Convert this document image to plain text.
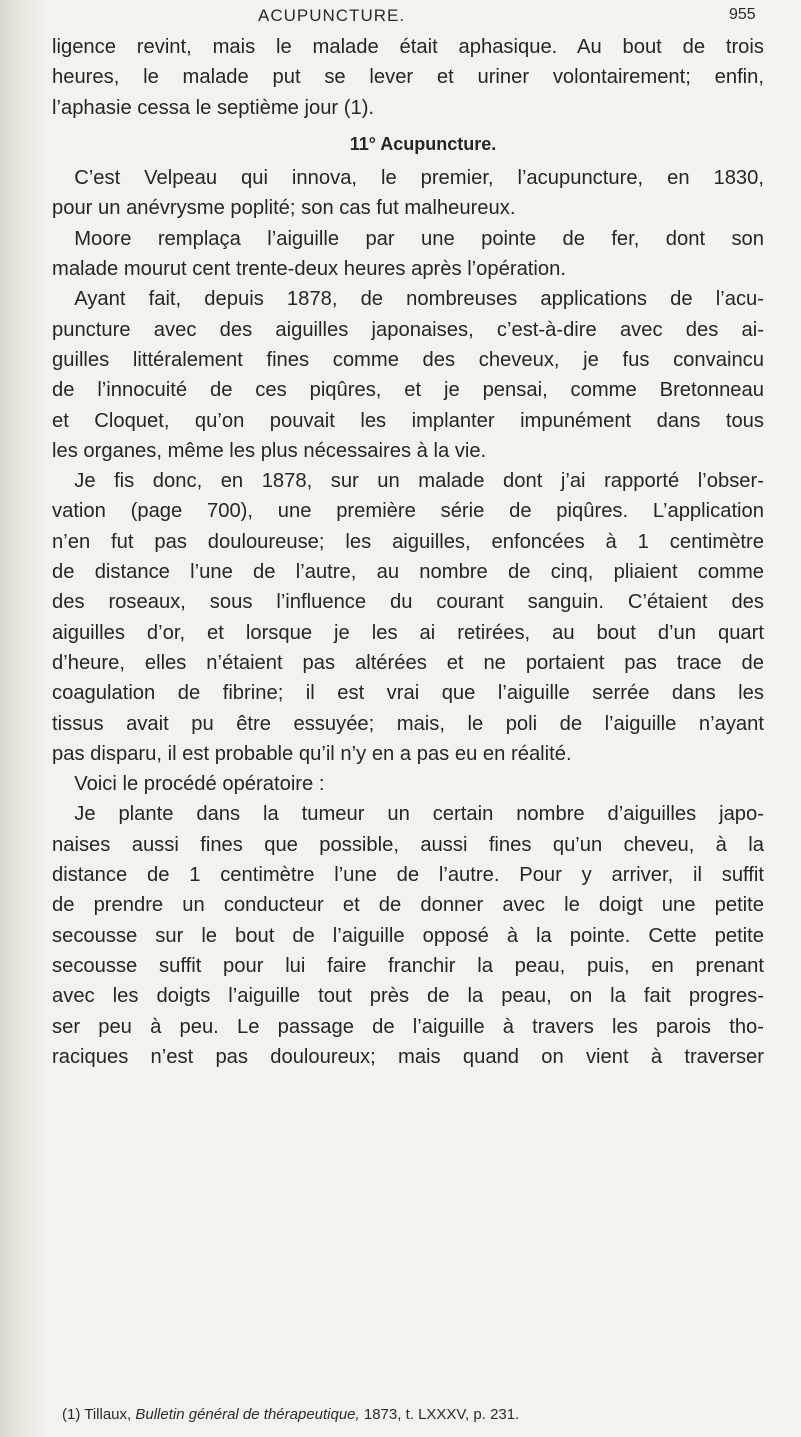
ACUPUNCTURE.	955
ligence revint, mais le malade était aphasique. Au bout de trois
heures, le malade put se lever et uriner volontairement; enfin,
l’aphasie cessa le septième jour (1).
11° Acupuncture.
C’est Velpeau qui innova, le premier, l’acupuncture, en 1830,
pour un anévrysme poplité; son cas fut malheureux.
Moore remplaça l’aiguille par une pointe de fer, dont son
malade mourut cent trente-deux heures après l’opération.
Ayant fait, depuis 1878, de nombreuses applications de l’acu-
puncture avec des aiguilles japonaises, c’est-à-dire avec des ai-
guilles littéralement fines comme des cheveux, je fus convaincu
de l’innocuité de ces piqûres, et je pensai, comme Bretonneau
et Cloquet, qu’on pouvait les implanter impunément dans tous
les organes, même les plus nécessaires à la vie.
Je fis donc, en 1878, sur un malade dont j’ai rapporté l’obser-
vation (page 700), une première série de piqûres. L’application
n’en fut pas douloureuse; les aiguilles, enfoncées à 1 centimètre
de distance l’une de l’autre, au nombre de cinq, pliaient comme
des roseaux, sous l’influence du courant sanguin. C’étaient des
aiguilles d’or, et lorsque je les ai retirées, au bout d’un quart
d’heure, elles n’étaient pas altérées et ne portaient pas trace de
coagulation de fibrine; il est vrai que l’aiguille serrée dans les
tissus avait pu être essuyée; mais, le poli de l’aiguille n’ayant
pas disparu, il est probable qu’il n’y en a pas eu en réalité.
Voici le procédé opératoire :
Je plante dans la tumeur un certain nombre d’aiguilles japo-
naises aussi fines que possible, aussi fines qu’un cheveu, à la
distance de 1 centimètre l’une de l’autre. Pour y arriver, il suffit
de prendre un conducteur et de donner avec le doigt une petite
secousse sur le bout de l’aiguille opposé à la pointe. Cette petite
secousse suffit pour lui faire franchir la peau, puis, en prenant
avec les doigts l’aiguille tout près de la peau, on la fait progres-
ser peu à peu. Le passage de l’aiguille à travers les parois tho-
raciques n’est pas douloureux; mais quand on vient à traverser
(1) Tillaux, Bulletin général de thérapeutique, 1873, t. LXXXV, p. 231.
